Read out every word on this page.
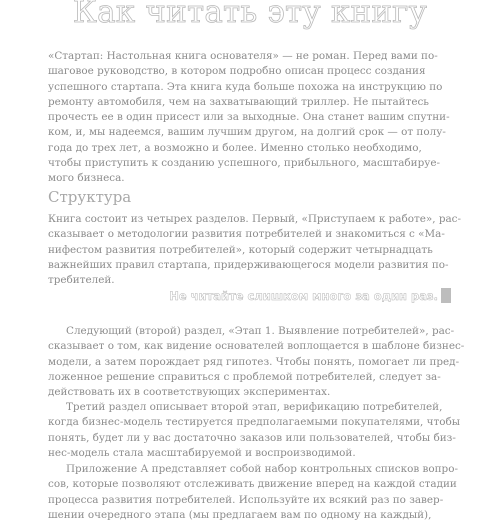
Как читать эту книгу
«Стартап: Настольная книга основателя» — не роман. Перед вами по-
шаговое руководство, в котором подробно описан процесс создания
успешного стартапа. Эта книга куда больше похожа на инструкцию по
ремонту автомобиля, чем на захватывающий триллер. Не пытайтесь
прочесть ее в один присест или за выходные. Она станет вашим спутни-
ком, и, мы надеемся, вашим лучшим другом, на долгий срок — от полу-
года до трех лет, а возможно и более. Именно столько необходимо,
чтобы приступить к созданию успешного, прибыльного, масштабируе-
мого бизнеса.
Структура
Книга состоит из четырех разделов. Первый, «Приступаем к работе», рас-
сказывает о методологии развития потребителей и знакомиться с «Ма-
нифестом развития потребителей», который содержит четырнадцать
важнейших правил стартапа, придерживающегося модели развития по-
требителей.
Не читайте слишком много за один раз.
Следующий (второй) раздел, «Этап 1. Выявление потребителей», рас-
сказывает о том, как видение основателей воплощается в шаблоне бизнес-
модели, а затем порождает ряд гипотез. Чтобы понять, помогает ли пред-
ложенное решение справиться с проблемой потребителей, следует за-
действовать их в соответствующих экспериментах.
Третий раздел описывает второй этап, верификацию потребителей,
когда бизнес-модель тестируется предполагаемыми покупателями, чтобы
понять, будет ли у вас достаточно заказов или пользователей, чтобы биз-
нес-модель стала масштабируемой и воспроизводимой.
Приложение А представляет собой набор контрольных списков вопро-
сов, которые позволяют отслеживать движение вперед на каждой стадии
процесса развития потребителей. Используйте их всякий раз по завер-
шении очередного этапа (мы предлагаем вам по одному на каждый),
